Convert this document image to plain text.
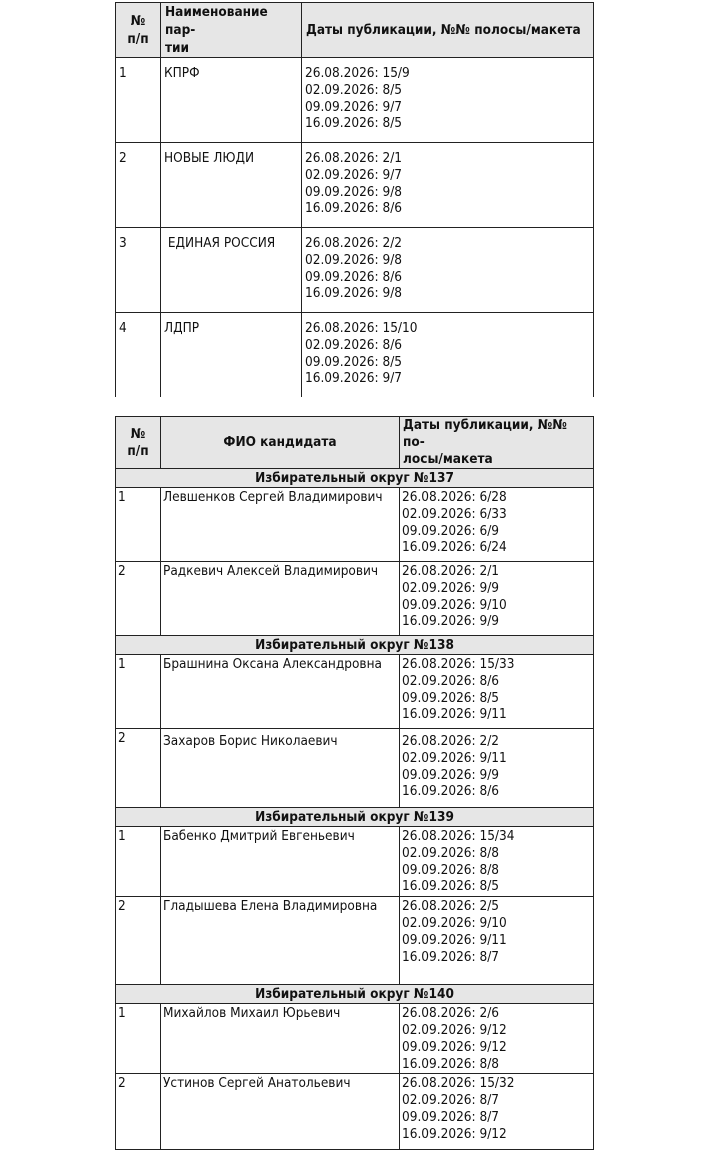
№
п/п	Наименование пар-
тии	Даты публикации, №№ полосы/макета
1	КПРФ	26.08.2026: 15/9
02.09.2026: 8/5
09.09.2026: 9/7
16.09.2026: 8/5
2	НОВЫЕ ЛЮДИ	26.08.2026: 2/1
02.09.2026: 9/7
09.09.2026: 9/8
16.09.2026: 8/6
3	ЕДИНАЯ РОССИЯ	26.08.2026: 2/2
02.09.2026: 9/8
09.09.2026: 8/6
16.09.2026: 9/8
4	ЛДПР	26.08.2026: 15/10
02.09.2026: 8/6
09.09.2026: 8/5
16.09.2026: 9/7
№
п/п	ФИО кандидата	Даты публикации, №№ по-
лосы/макета
Избирательный округ №137		
1	Левшенков Сергей Владимирович	26.08.2026: 6/28
02.09.2026: 6/33
09.09.2026: 6/9
16.09.2026: 6/24
2	Радкевич Алексей Владимирович	26.08.2026: 2/1
02.09.2026: 9/9
09.09.2026: 9/10
16.09.2026: 9/9
Избирательный округ №138		
1	Брашнина Оксана Александровна	26.08.2026: 15/33
02.09.2026: 8/6
09.09.2026: 8/5
16.09.2026: 9/11
2	Захаров Борис Николаевич	26.08.2026: 2/2
02.09.2026: 9/11
09.09.2026: 9/9
16.09.2026: 8/6
Избирательный округ №139		
1	Бабенко Дмитрий Евгеньевич	26.08.2026: 15/34
02.09.2026: 8/8
09.09.2026: 8/8
16.09.2026: 8/5
2	Гладышева Елена Владимировна	26.08.2026: 2/5
02.09.2026: 9/10
09.09.2026: 9/11
16.09.2026: 8/7
Избирательный округ №140		
1	Михайлов Михаил Юрьевич	26.08.2026: 2/6
02.09.2026: 9/12
09.09.2026: 9/12
16.09.2026: 8/8
2	Устинов Сергей Анатольевич	26.08.2026: 15/32
02.09.2026: 8/7
09.09.2026: 8/7
16.09.2026: 9/12
